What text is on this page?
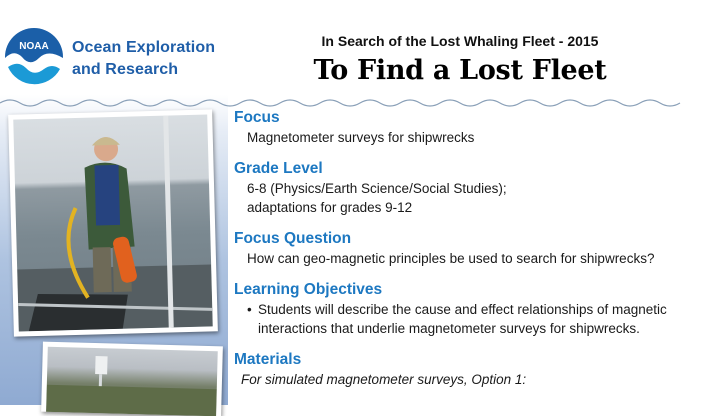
NOAA Ocean Exploration
and Research
In Search of the Lost Whaling Fleet - 2015
To Find a Lost Fleet

Focus

Magnetometer surveys for shipwrecks

Grade Level

6-8 (Physics/Earth Science/Social Studies);

adaptations for grades 9-12

Focus Question

How can geo-magnetic principles be used to search for shipwrecks?

Learning Objectives

• Students will describe the cause and effect relationships of magnetic interactions that underlie magnetometer surveys for shipwrecks.

Materials

For simulated magnetometer surveys, Option 1:
